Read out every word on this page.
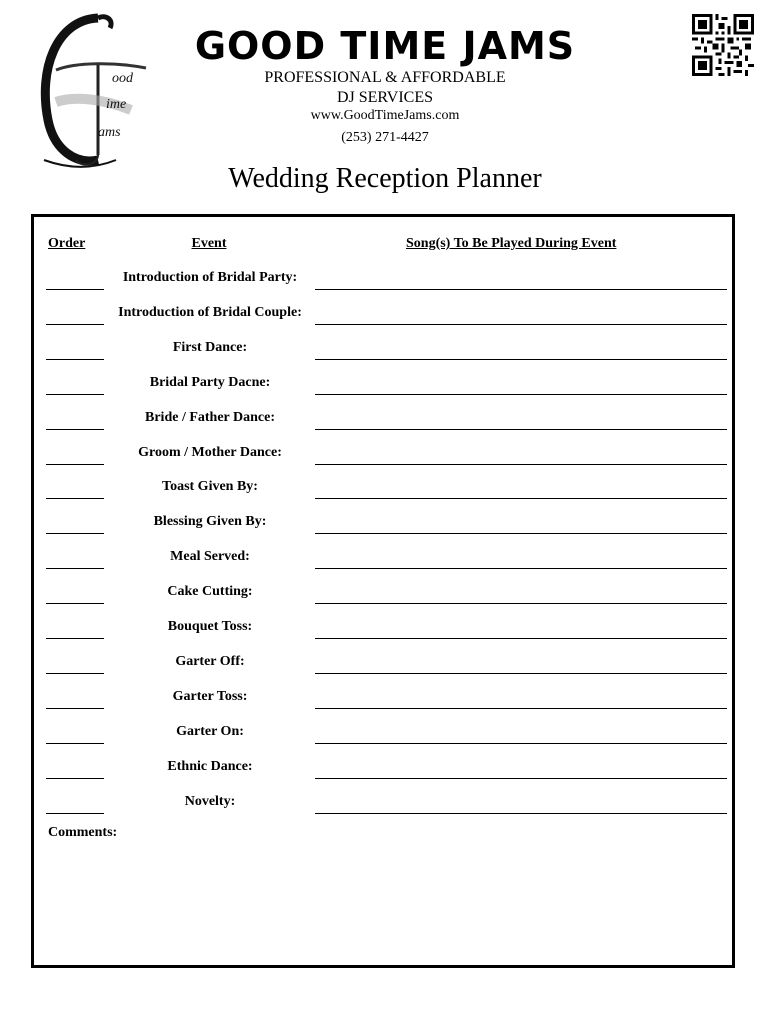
ood
ime
ams
GOOD TIME JAMS
PROFESSIONAL & AFFORDABLE
DJ SERVICES
www.GoodTimeJams.com
(253) 271-4427
Wedding Reception Planner
Order	Event	Song(s) To Be Played During Event
Introduction of Bridal Party:
Introduction of Bridal Couple:
First Dance:
Bridal Party Dacne:
Bride / Father Dance:
Groom / Mother Dance:
Toast Given By:
Blessing Given By:
Meal Served:
Cake Cutting:
Bouquet Toss:
Garter Off:
Garter Toss:
Garter On:
Ethnic Dance:
Novelty:
Comments:
